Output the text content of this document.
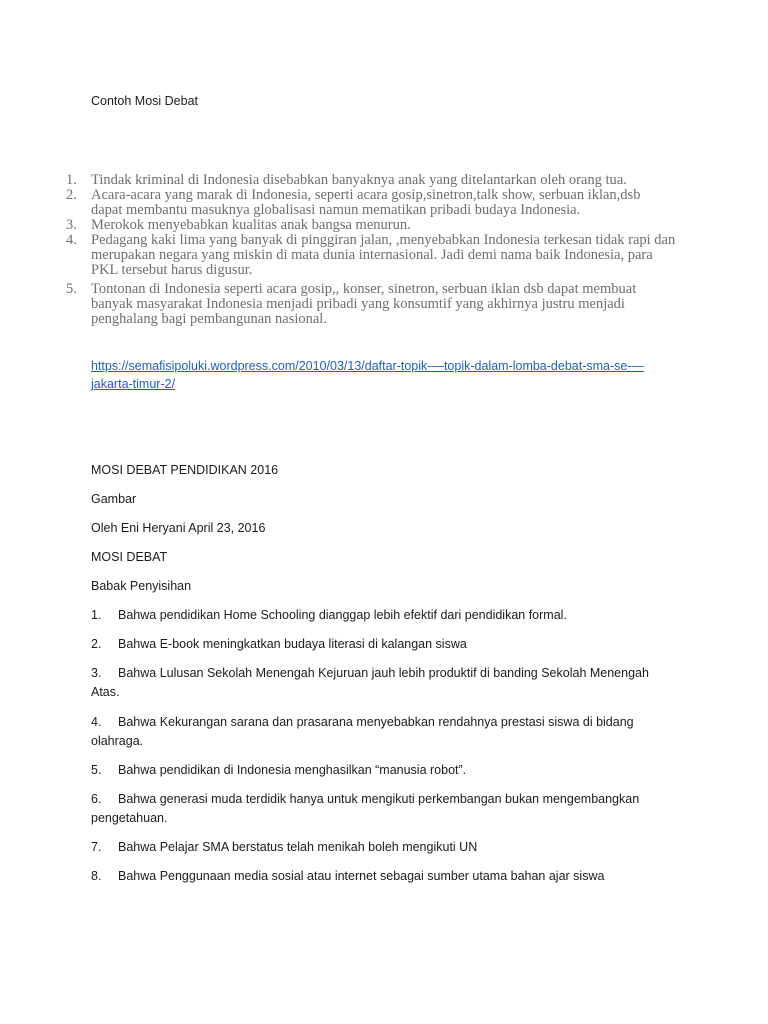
Contoh Mosi Debat
1. Tindak kriminal di Indonesia disebabkan banyaknya anak yang ditelantarkan oleh orang tua.
2. Acara-acara yang marak di Indonesia, seperti acara gosip,sinetron,talk show, serbuan iklan,dsb
dapat membantu masuknya globalisasi namun mematikan pribadi budaya Indonesia.
3. Merokok menyebabkan kualitas anak bangsa menurun.
4. Pedagang kaki lima yang banyak di pinggiran jalan, ,menyebabkan Indonesia terkesan tidak rapi dan
merupakan negara yang miskin di mata dunia internasional. Jadi demi nama baik Indonesia, para
PKL tersebut harus digusur.
5. Tontonan di Indonesia seperti acara gosip,, konser, sinetron, serbuan iklan dsb dapat membuat
banyak masyarakat Indonesia menjadi pribadi yang konsumtif yang akhirnya justru menjadi
penghalang bagi pembangunan nasional.
https://semafisipoluki.wordpress.com/2010/03/13/daftar-topik-—topik-dalam-lomba-debat-sma-se-—
jakarta-timur-2/
MOSI DEBAT PENDIDIKAN 2016
Gambar
Oleh Eni Heryani April 23, 2016
MOSI DEBAT
Babak Penyisihan
1. Bahwa pendidikan Home Schooling dianggap lebih efektif dari pendidikan formal.
2. Bahwa E-book meningkatkan budaya literasi di kalangan siswa
3. Bahwa Lulusan Sekolah Menengah Kejuruan jauh lebih produktif di banding Sekolah Menengah
Atas.
4. Bahwa Kekurangan sarana dan prasarana menyebabkan rendahnya prestasi siswa di bidang
olahraga.
5. Bahwa pendidikan di Indonesia menghasilkan “manusia robot”.
6. Bahwa generasi muda terdidik hanya untuk mengikuti perkembangan bukan mengembangkan
pengetahuan.
7. Bahwa Pelajar SMA berstatus telah menikah boleh mengikuti UN
8. Bahwa Penggunaan media sosial atau internet sebagai sumber utama bahan ajar siswa
